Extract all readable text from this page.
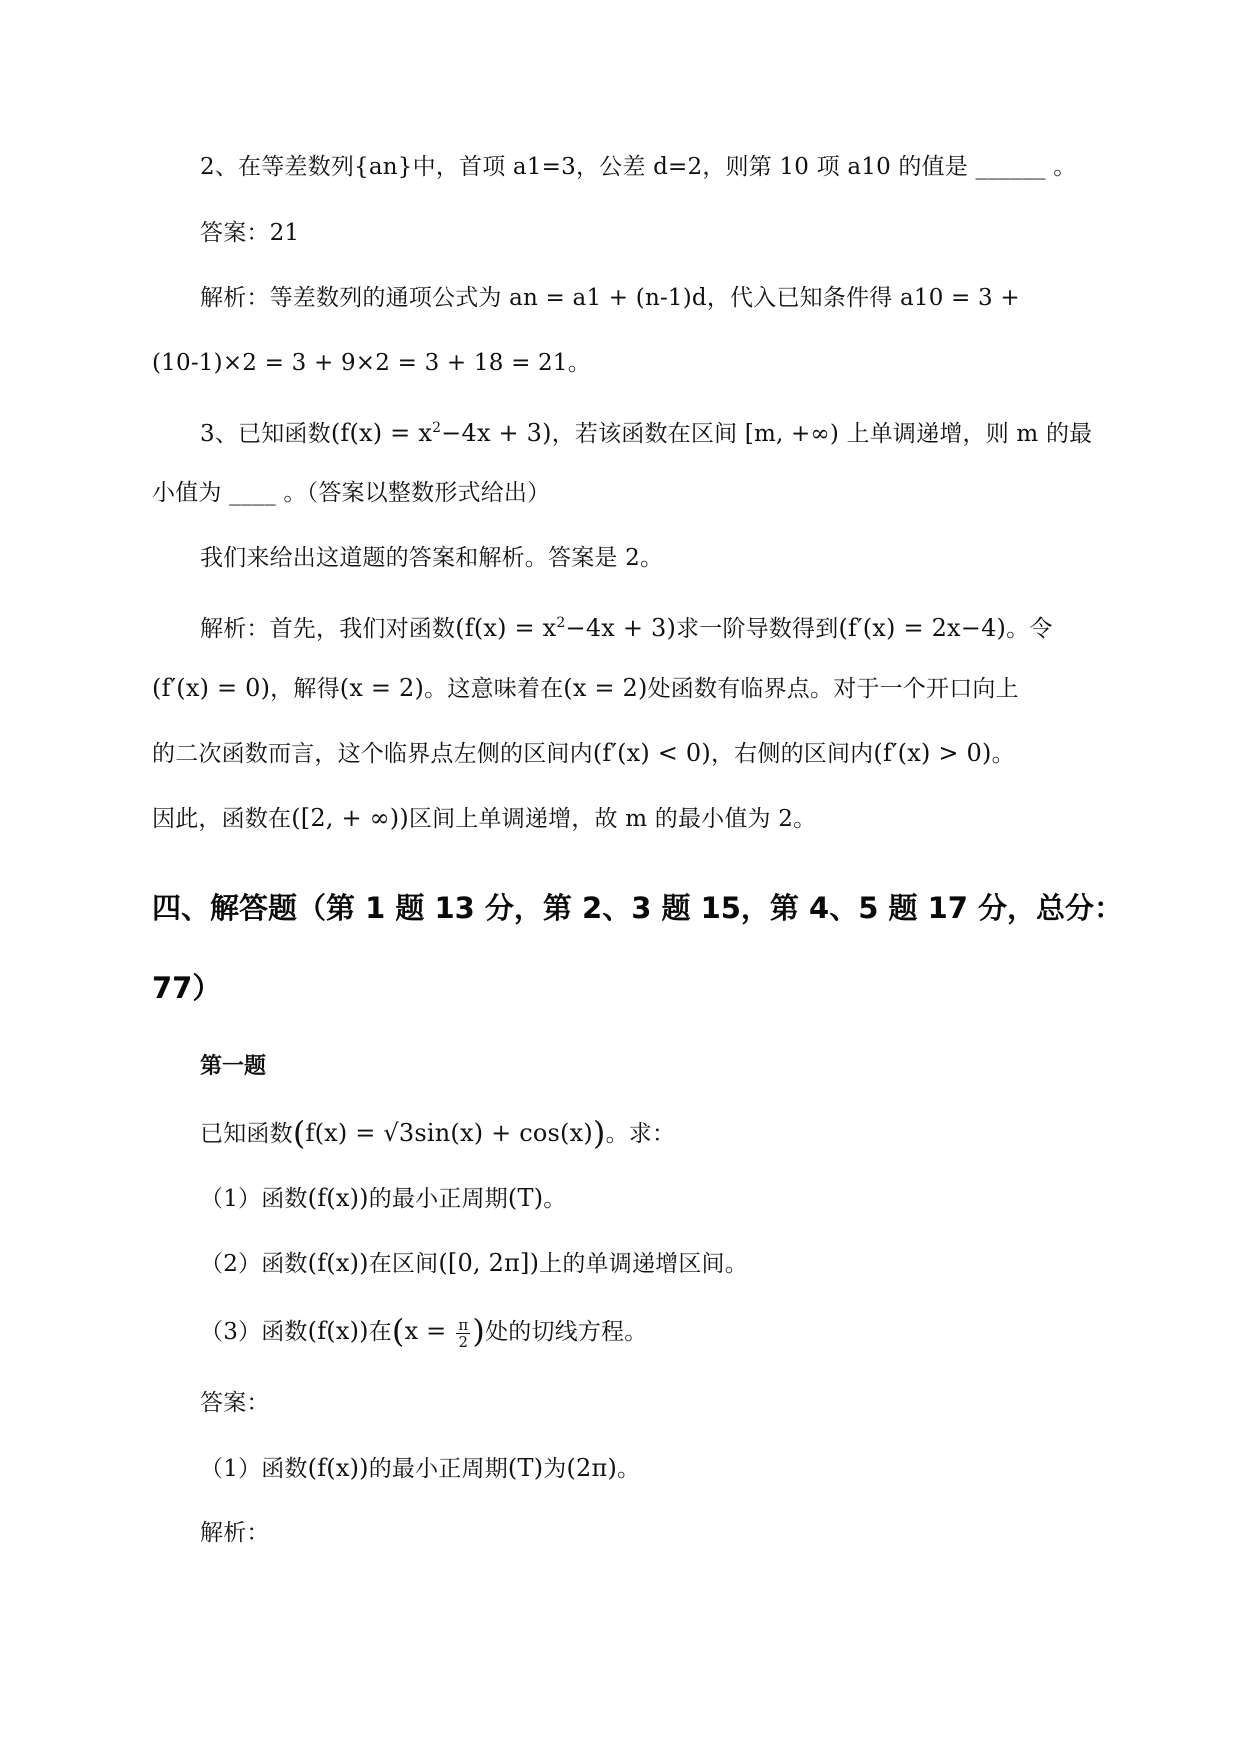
2、在等差数列{an}中，首项 a1=3，公差 d=2，则第 10 项 a10 的值是 ______ 。
答案：21
解析：等差数列的通项公式为 an = a1 + (n-1)d，代入已知条件得 a10 = 3 +
(10-1)×2 = 3 + 9×2 = 3 + 18 = 21。
3、已知函数$(f(x) = x^2-4x + 3)$，若该函数在区间 [m, +∞) 上单调递增，则 m 的最
小值为 ____ 。（答案以整数形式给出）
我们来给出这道题的答案和解析。答案是 2。
解析：首先，我们对函数$(f(x) = x^2-4x + 3)$求一阶导数得到(f′(x) = 2x−4)。令
(f′(x) = 0)，解得(x = 2)。这意味着在(x = 2)处函数有临界点。对于一个开口向上
的二次函数而言，这个临界点左侧的区间内(f′(x) < 0)，右侧的区间内(f′(x) > 0)。
因此，函数在([2, + ∞))区间上单调递增，故 m 的最小值为 2。
四、解答题（第 1 题 13 分，第 2、3 题 15，第 4、5 题 17 分，总分：
77）
第一题
已知函数(f(x) = √3sin(x) + cos(x))。求：
（1）函数(f(x))的最小正周期(T)。
（2）函数(f(x))在区间([0, 2π])上的单调递增区间。
（3）函数(f(x))在($x = \frac{\pi}{2}$ )处的切线方程。
答案：
（1）函数(f(x))的最小正周期(T)为(2π)。
解析：
